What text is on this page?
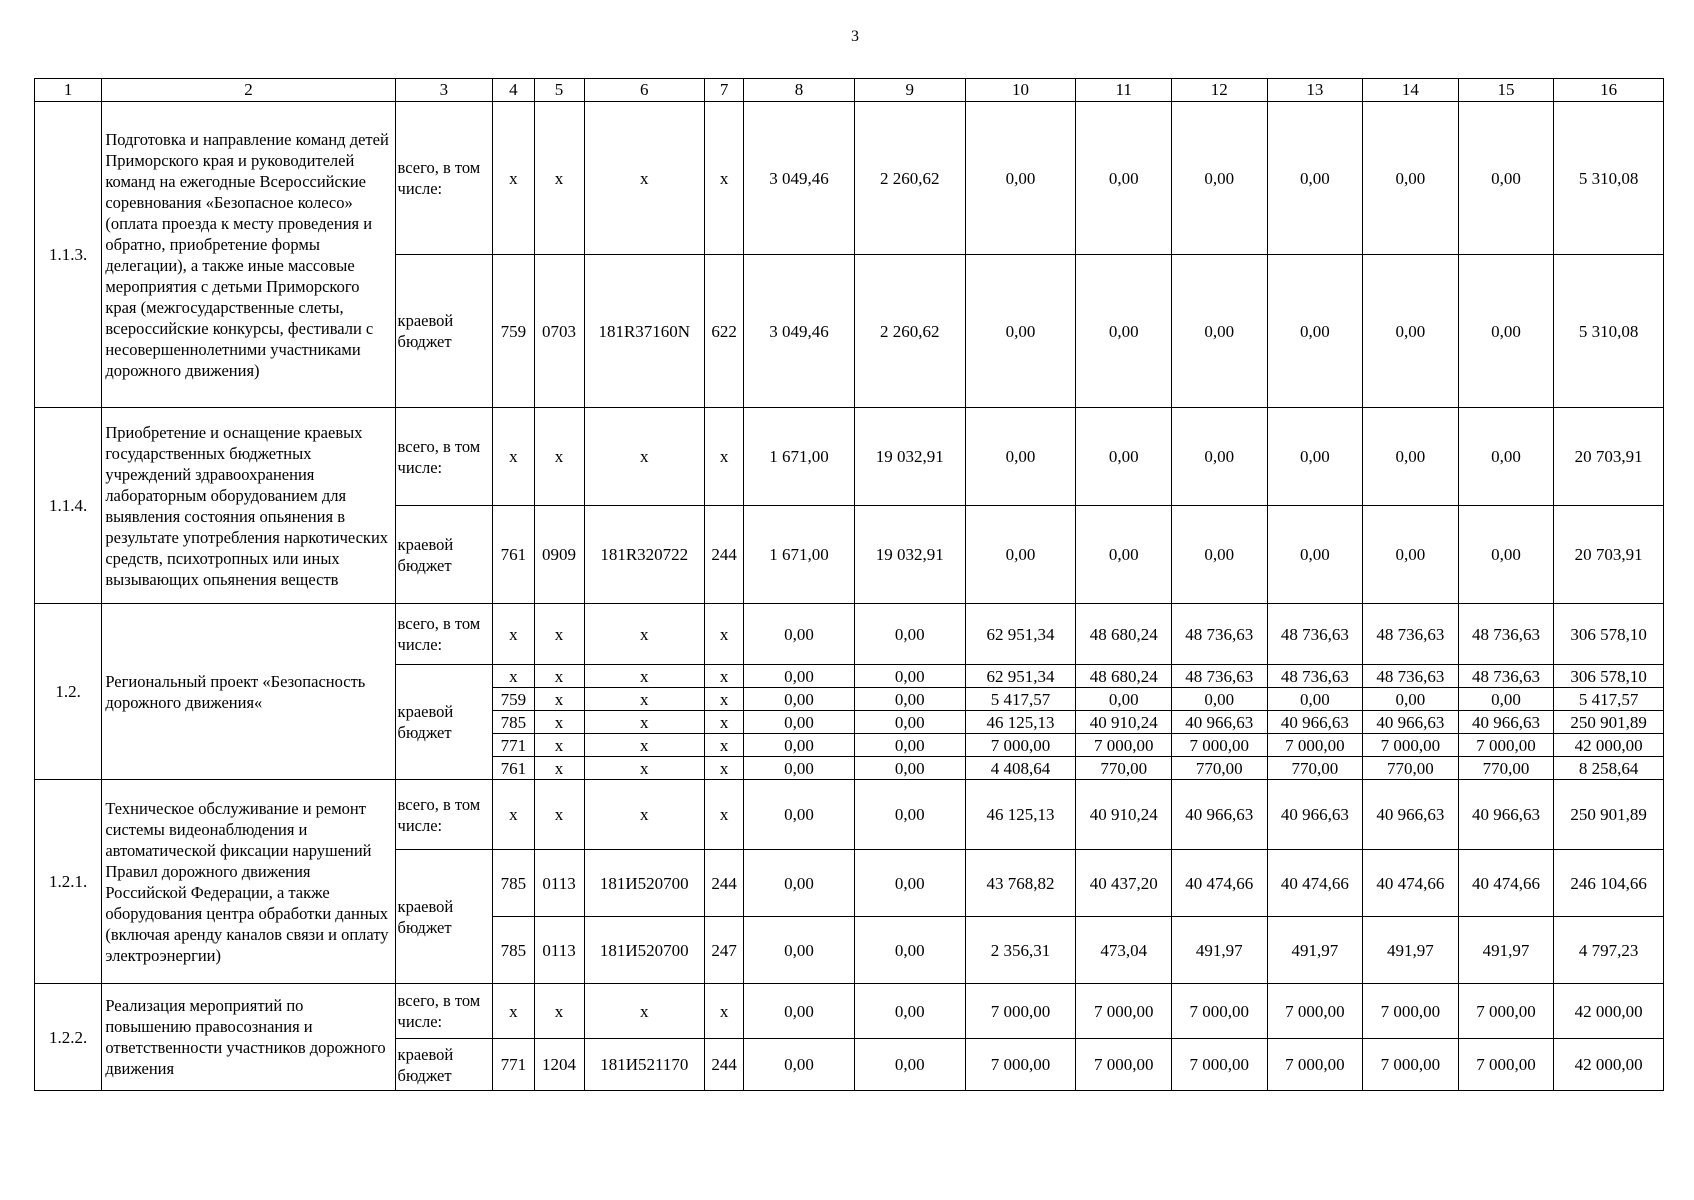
3
1	2	3	4	5	6	7	8	9	10	11	12	13	14	15	16
1.1.3.	Подготовка и направление команд детей Приморского края и руководителей команд на ежегодные Всероссийские соревнования «Безопасное колесо» (оплата проезда к месту проведения и обратно, приобретение формы делегации), а также иные массовые мероприятия с детьми Приморского края (межгосударственные слеты, всероссийские конкурсы, фестивали с несовершеннолетними участниками дорожного движения)	всего, в том числе:	х	х	х	х	3 049,46	2 260,62	0,00	0,00	0,00	0,00	0,00	0,00	5 310,08
		краевой бюджет	759	0703	181R37160N	622	3 049,46	2 260,62	0,00	0,00	0,00	0,00	0,00	0,00	5 310,08
1.1.4.	Приобретение и оснащение краевых государственных бюджетных учреждений здравоохранения лабораторным оборудованием для выявления состояния опьянения в результате употребления наркотических средств, психотропных или иных вызывающих опьянения веществ	всего, в том числе:	х	х	х	х	1 671,00	19 032,91	0,00	0,00	0,00	0,00	0,00	0,00	20 703,91
		краевой бюджет	761	0909	181R320722	244	1 671,00	19 032,91	0,00	0,00	0,00	0,00	0,00	0,00	20 703,91
1.2.	Региональный проект «Безопасность дорожного движения«	всего, в том числе:	х	х	х	х	0,00	0,00	62 951,34	48 680,24	48 736,63	48 736,63	48 736,63	48 736,63	306 578,10
		краевой бюджет	х	х	х	х	0,00	0,00	62 951,34	48 680,24	48 736,63	48 736,63	48 736,63	48 736,63	306 578,10
			759	х	х	х	0,00	0,00	5 417,57	0,00	0,00	0,00	0,00	0,00	5 417,57
			785	х	х	х	0,00	0,00	46 125,13	40 910,24	40 966,63	40 966,63	40 966,63	40 966,63	250 901,89
			771	х	х	х	0,00	0,00	7 000,00	7 000,00	7 000,00	7 000,00	7 000,00	7 000,00	42 000,00
			761	х	х	х	0,00	0,00	4 408,64	770,00	770,00	770,00	770,00	770,00	8 258,64
1.2.1.	Техническое обслуживание и ремонт системы видеонаблюдения и автоматической фиксации нарушений Правил дорожного движения Российской Федерации, а также оборудования центра обработки данных (включая аренду каналов связи и оплату электроэнергии)	всего, в том числе:	х	х	х	х	0,00	0,00	46 125,13	40 910,24	40 966,63	40 966,63	40 966,63	40 966,63	250 901,89
		краевой бюджет	785	0113	181И520700	244	0,00	0,00	43 768,82	40 437,20	40 474,66	40 474,66	40 474,66	40 474,66	246 104,66
			785	0113	181И520700	247	0,00	0,00	2 356,31	473,04	491,97	491,97	491,97	491,97	4 797,23
1.2.2.	Реализация мероприятий по повышению правосознания и ответственности участников дорожного движения	всего, в том числе:	х	х	х	х	0,00	0,00	7 000,00	7 000,00	7 000,00	7 000,00	7 000,00	7 000,00	42 000,00
		краевой бюджет	771	1204	181И521170	244	0,00	0,00	7 000,00	7 000,00	7 000,00	7 000,00	7 000,00	7 000,00	42 000,00
